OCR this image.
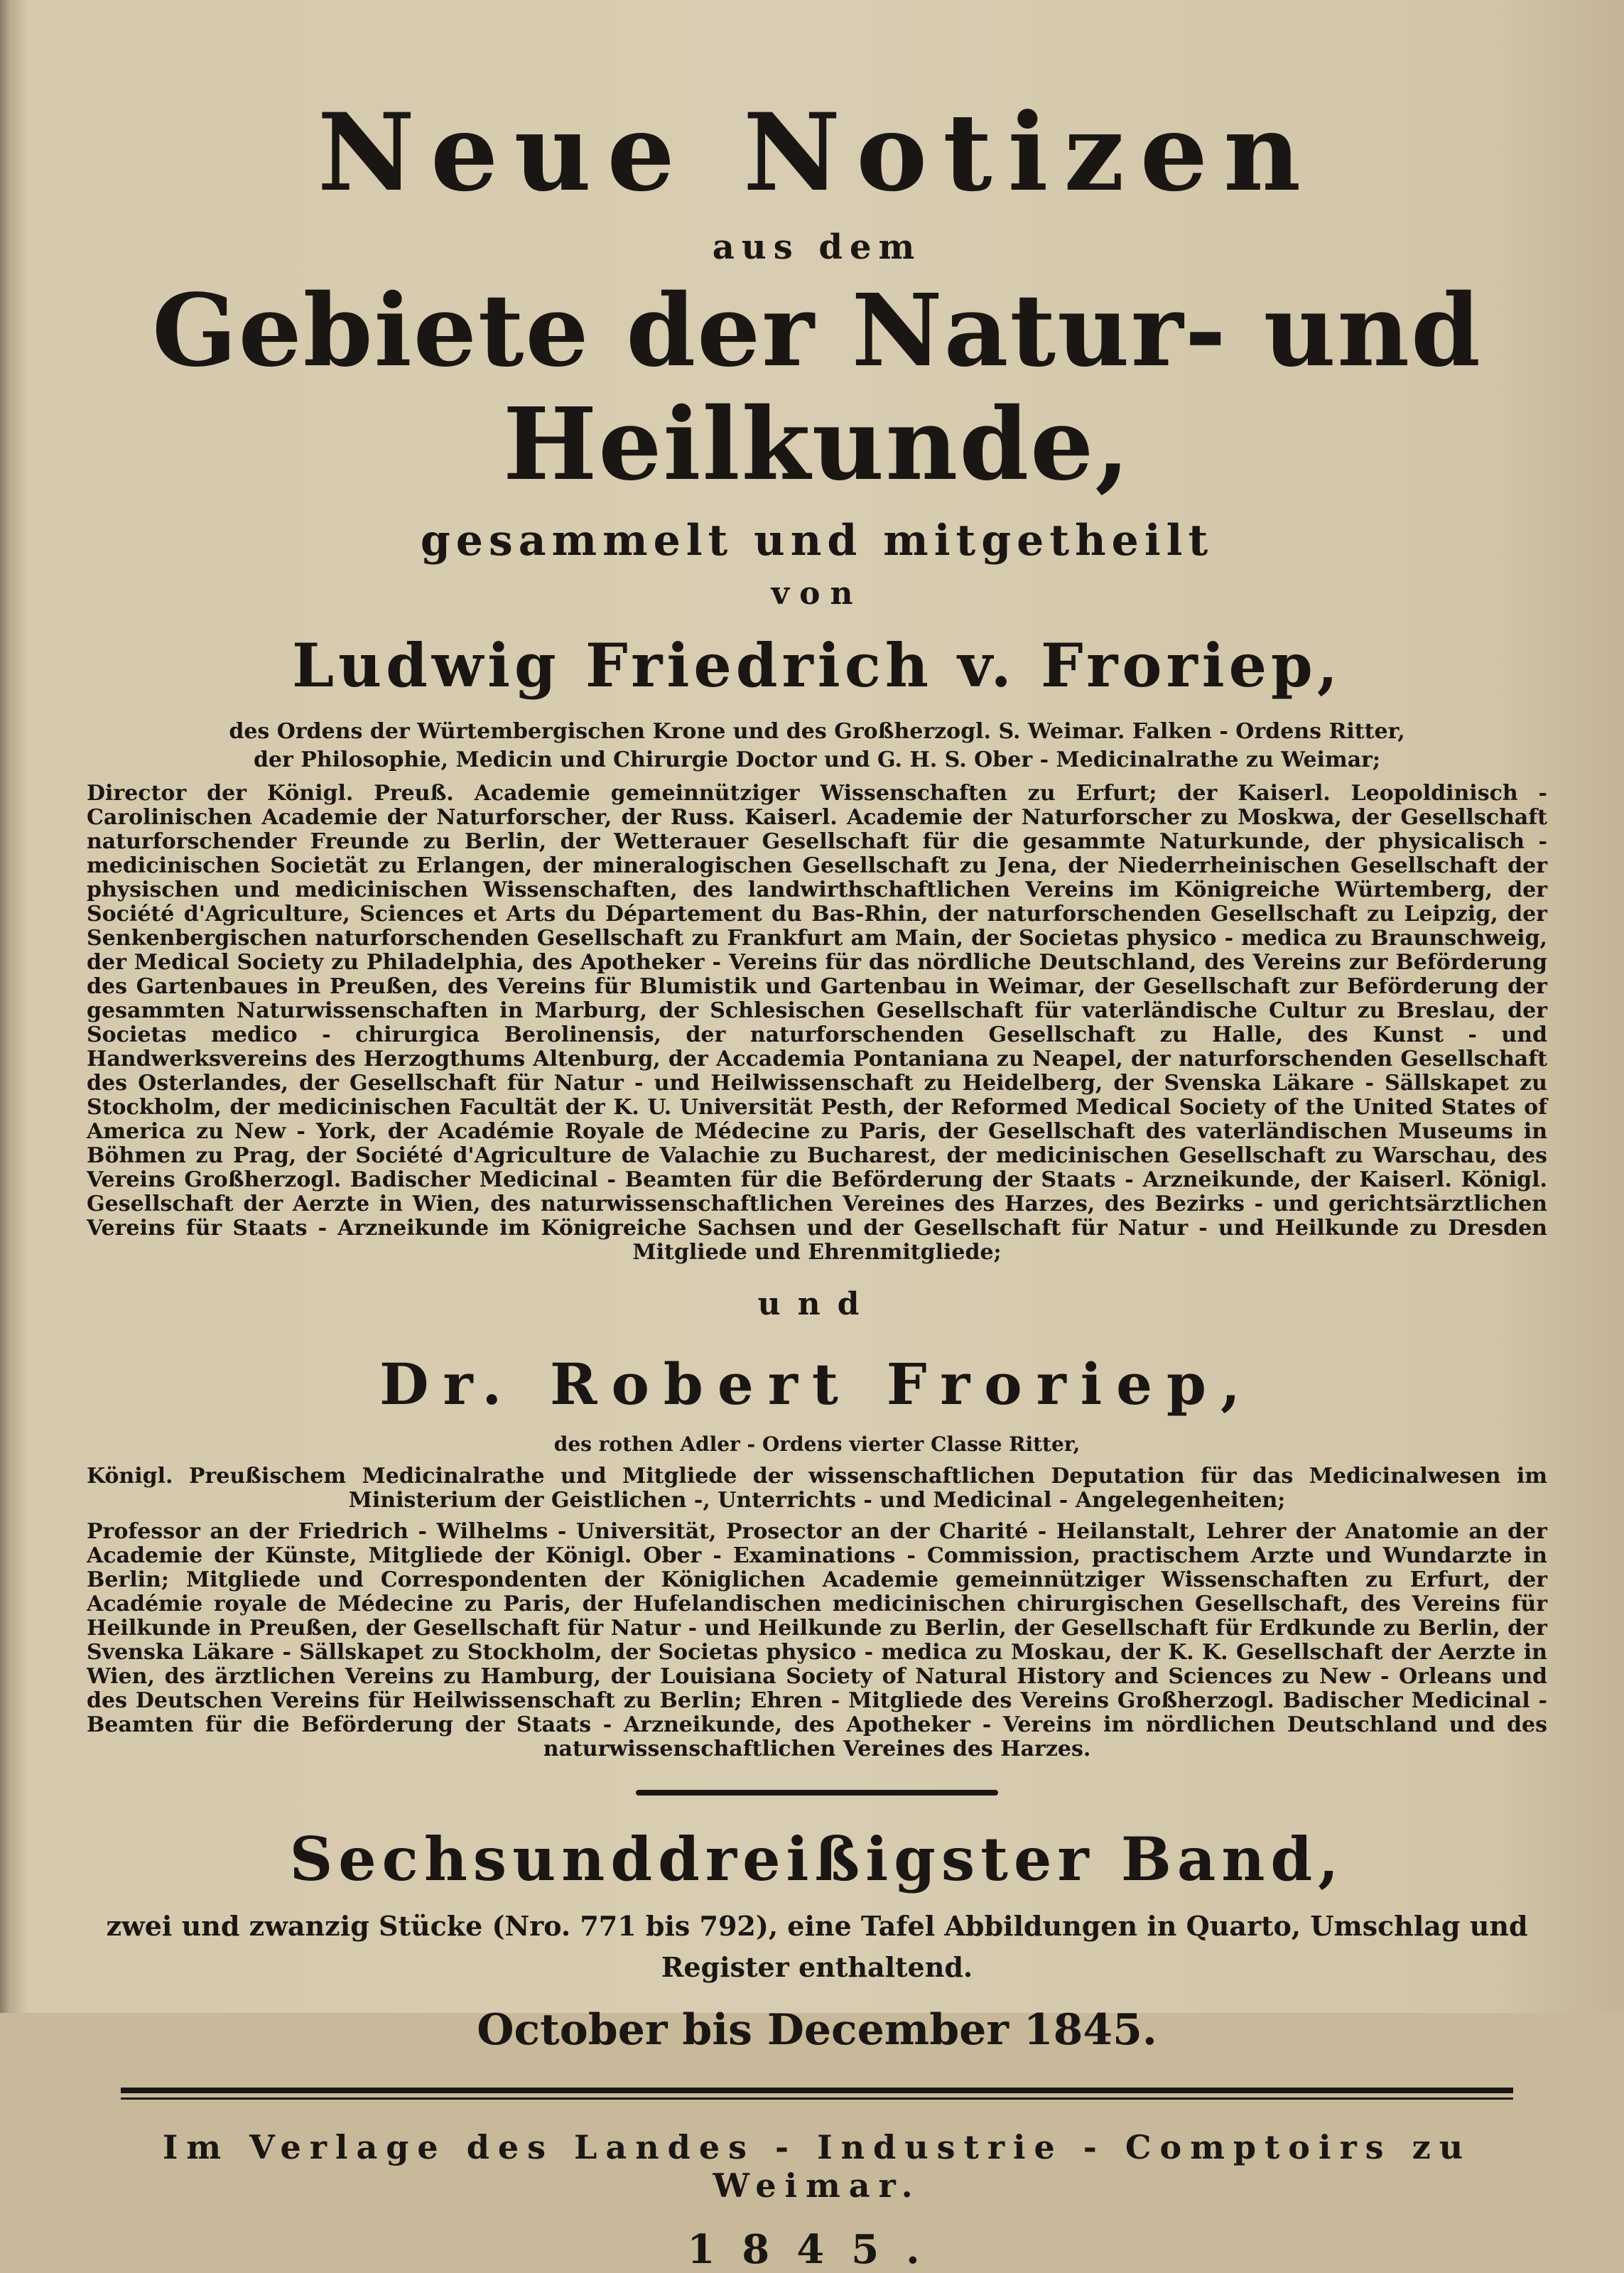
Neue Notizen
aus dem
Gebiete der Natur- und Heilkunde,
gesammelt und mitgetheilt
von
Ludwig Friedrich v. Froriep,
des Ordens der Würtembergischen Krone und des Großherzogl. S. Weimar. Falken - Ordens Ritter,
der Philosophie, Medicin und Chirurgie Doctor und G. H. S. Ober - Medicinalrathe zu Weimar;
Director der Königl. Preuß. Academie gemeinnütziger Wissenschaften zu Erfurt; der Kaiserl. Leopoldinisch - Carolinischen Academie der Naturforscher, der Russ. Kaiserl. Academie der Naturforscher zu Moskwa, der Gesellschaft naturforschender Freunde zu Berlin, der Wetterauer Gesellschaft für die gesammte Naturkunde, der physicalisch - medicinischen Societät zu Erlangen, der mineralogischen Gesellschaft zu Jena, der Niederrheinischen Gesellschaft der physischen und medicinischen Wissenschaften, des landwirthschaftlichen Vereins im Königreiche Würtemberg, der Société d'Agriculture, Sciences et Arts du Département du Bas-Rhin, der naturforschenden Gesellschaft zu Leipzig, der Senkenbergischen naturforschenden Gesellschaft zu Frankfurt am Main, der Societas physico - medica zu Braunschweig, der Medical Society zu Philadelphia, des Apotheker - Vereins für das nördliche Deutschland, des Vereins zur Beförderung des Gartenbaues in Preußen, des Vereins für Blumistik und Gartenbau in Weimar, der Gesellschaft zur Beförderung der gesammten Naturwissenschaften in Marburg, der Schlesischen Gesellschaft für vaterländische Cultur zu Breslau, der Societas medico - chirurgica Berolinensis, der naturforschenden Gesellschaft zu Halle, des Kunst - und Handwerksvereins des Herzogthums Altenburg, der Accademia Pontaniana zu Neapel, der naturforschenden Gesellschaft des Osterlandes, der Gesellschaft für Natur - und Heilwissenschaft zu Heidelberg, der Svenska Läkare - Sällskapet zu Stockholm, der medicinischen Facultät der K. U. Universität Pesth, der Reformed Medical Society of the United States of America zu New - York, der Académie Royale de Médecine zu Paris, der Gesellschaft des vaterländischen Museums in Böhmen zu Prag, der Société d'Agriculture de Valachie zu Bucharest, der medicinischen Gesellschaft zu Warschau, des Vereins Großherzogl. Badischer Medicinal - Beamten für die Beförderung der Staats - Arzneikunde, der Kaiserl. Königl. Gesellschaft der Aerzte in Wien, des naturwissenschaftlichen Vereines des Harzes, des Bezirks - und gerichtsärztlichen Vereins für Staats - Arzneikunde im Königreiche Sachsen und der Gesellschaft für Natur - und Heilkunde zu Dresden Mitgliede und Ehrenmitgliede;
und
Dr. Robert Froriep,
des rothen Adler - Ordens vierter Classe Ritter,
Königl. Preußischem Medicinalrathe und Mitgliede der wissenschaftlichen Deputation für das Medicinalwesen im Ministerium der Geistlichen -, Unterrichts - und Medicinal - Angelegenheiten;
Professor an der Friedrich - Wilhelms - Universität, Prosector an der Charité - Heilanstalt, Lehrer der Anatomie an der Academie der Künste, Mitgliede der Königl. Ober - Examinations - Commission, practischem Arzte und Wundarzte in Berlin; Mitgliede und Correspondenten der Königlichen Academie gemeinnütziger Wissenschaften zu Erfurt, der Académie royale de Médecine zu Paris, der Hufelandischen medicinischen chirurgischen Gesellschaft, des Vereins für Heilkunde in Preußen, der Gesellschaft für Natur - und Heilkunde zu Berlin, der Gesellschaft für Erdkunde zu Berlin, der Svenska Läkare - Sällskapet zu Stockholm, der Societas physico - medica zu Moskau, der K. K. Gesellschaft der Aerzte in Wien, des ärztlichen Vereins zu Hamburg, der Louisiana Society of Natural History and Sciences zu New - Orleans und des Deutschen Vereins für Heilwissenschaft zu Berlin; Ehren - Mitgliede des Vereins Großherzogl. Badischer Medicinal - Beamten für die Beförderung der Staats - Arzneikunde, des Apotheker - Vereins im nördlichen Deutschland und des naturwissenschaftlichen Vereines des Harzes.
Sechsunddreißigster Band,
zwei und zwanzig Stücke (Nro. 771 bis 792), eine Tafel Abbildungen in Quarto, Umschlag und Register enthaltend.
October bis December 1845.
Im Verlage des Landes - Industrie - Comptoirs zu Weimar.
1845.
